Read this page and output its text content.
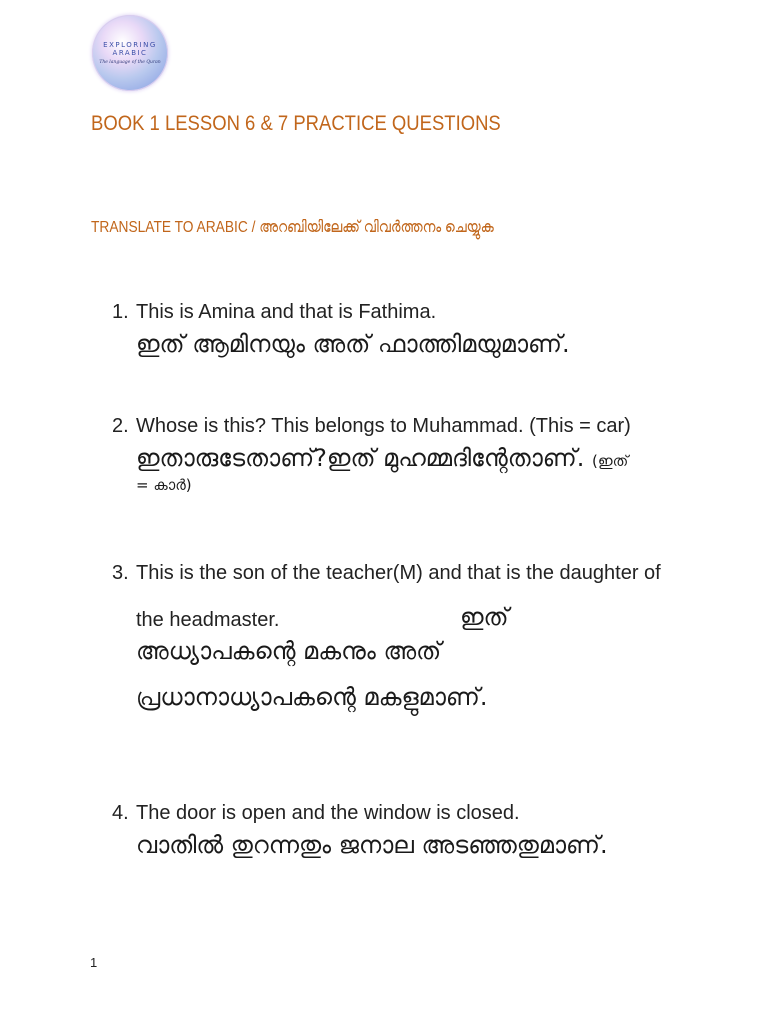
EXPLORING
ARABIC
The language of the Quran
BOOK 1 LESSON 6 & 7 PRACTICE QUESTIONS
TRANSLATE TO ARABIC / അറബിയിലേക്ക് വിവർത്തനം ചെയ്യുക
1. This is Amina and that is Fathima.
ഇത് ആമിനയും അത് ഫാത്തിമയുമാണ്.
2. Whose is this? This belongs to Muhammad. (This = car)
ഇതാരുടേതാണ്?ഇത് മുഹമ്മദിന്റേതാണ്. (ഇത്
= കാർ)
3. This is the son of the teacher(M) and that is the daughter of
the headmaster.	ഇത്
അധ്യാപകന്റെ മകനും അത്
പ്രധാനാധ്യാപകന്റെ മകളുമാണ്.
4. The door is open and the window is closed.
വാതിൽ തുറന്നതും ജനാല അടഞ്ഞതുമാണ്.
1
